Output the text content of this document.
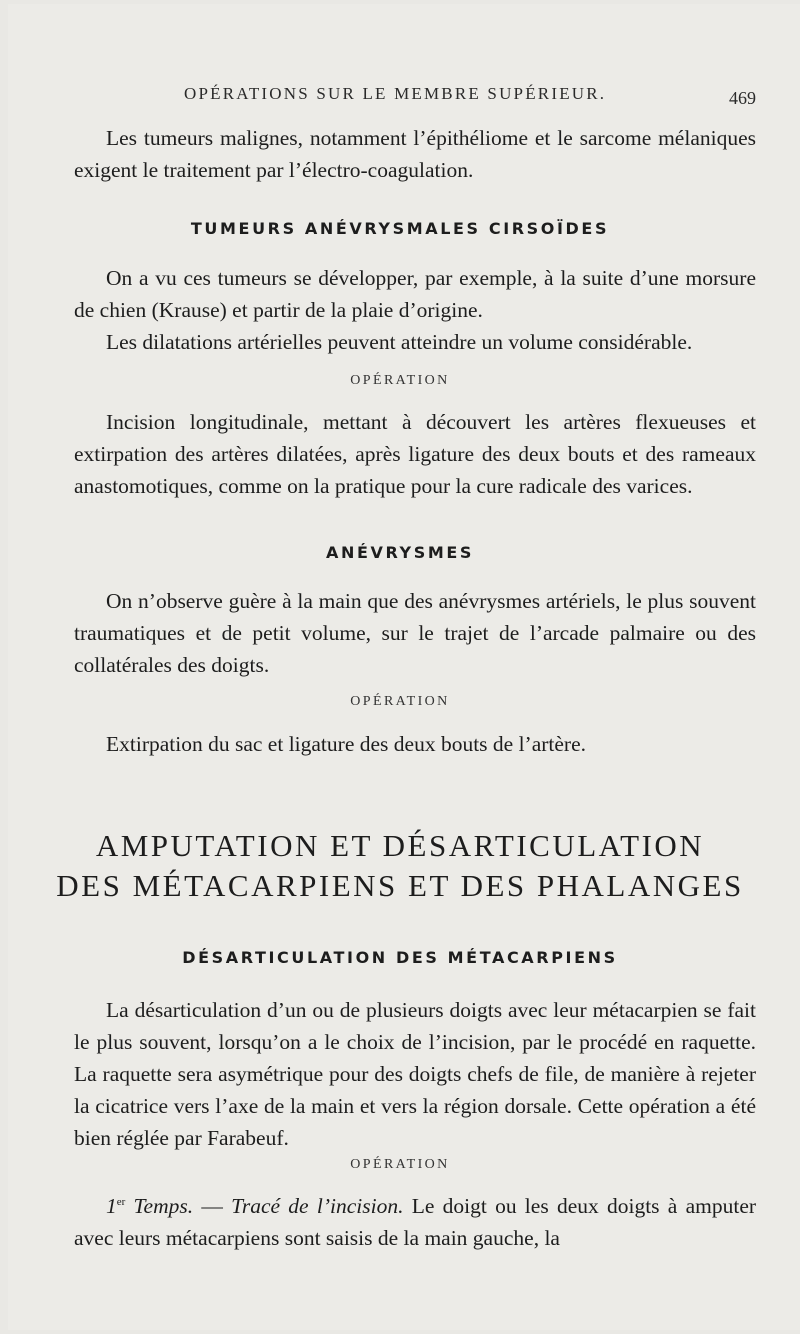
OPÉRATIONS SUR LE MEMBRE SUPÉRIEUR.	469

Les tumeurs malignes, notamment l’épithéliome et le sarcome mélaniques exigent le traitement par l’électro-coagulation.

TUMEURS ANÉVRYSMALES CIRSOÏDES

On a vu ces tumeurs se développer, par exemple, à la suite d’une morsure de chien (Krause) et partir de la plaie d’origine.

Les dilatations artérielles peuvent atteindre un volume considérable.

OPÉRATION

Incision longitudinale, mettant à découvert les artères flexueuses et extirpation des artères dilatées, après ligature des deux bouts et des rameaux anastomotiques, comme on la pratique pour la cure radicale des varices.

ANÉVRYSMES

On n’observe guère à la main que des anévrysmes artériels, le plus souvent traumatiques et de petit volume, sur le trajet de l’arcade palmaire ou des collatérales des doigts.

OPÉRATION

Extirpation du sac et ligature des deux bouts de l’artère.

AMPUTATION ET DÉSARTICULATION
DES MÉTACARPIENS ET DES PHALANGES
DÉSARTICULATION DES MÉTACARPIENS

La désarticulation d’un ou de plusieurs doigts avec leur métacarpien se fait le plus souvent, lorsqu’on a le choix de l’incision, par le procédé en raquette. La raquette sera asymétrique pour des doigts chefs de file, de manière à rejeter la cicatrice vers l’axe de la main et vers la région dorsale. Cette opération a été bien réglée par Farabeuf.

OPÉRATION

1er Temps. — Tracé de l’incision. Le doigt ou les deux doigts à amputer avec leurs métacarpiens sont saisis de la main gauche, la
